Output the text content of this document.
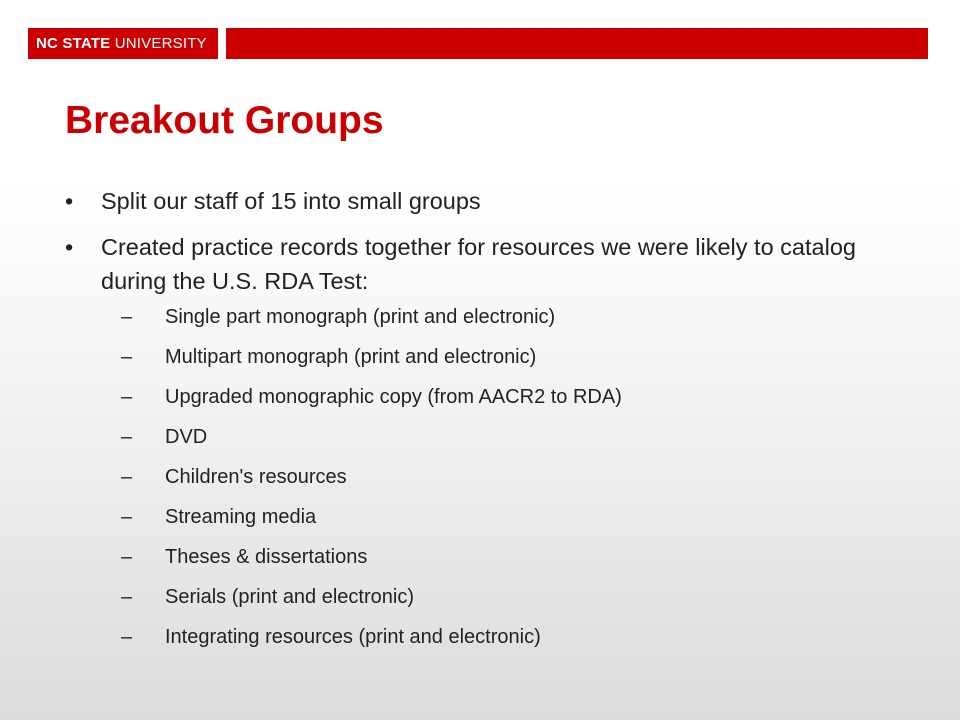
NC STATE UNIVERSITY
Breakout Groups
• Split our staff of 15 into small groups
• Created practice records together for resources we were likely to catalog during the U.S. RDA Test:
– Single part monograph (print and electronic)
– Multipart monograph (print and electronic)
– Upgraded monographic copy (from AACR2 to RDA)
– DVD
– Children's resources
– Streaming media
– Theses & dissertations
– Serials (print and electronic)
– Integrating resources (print and electronic)
